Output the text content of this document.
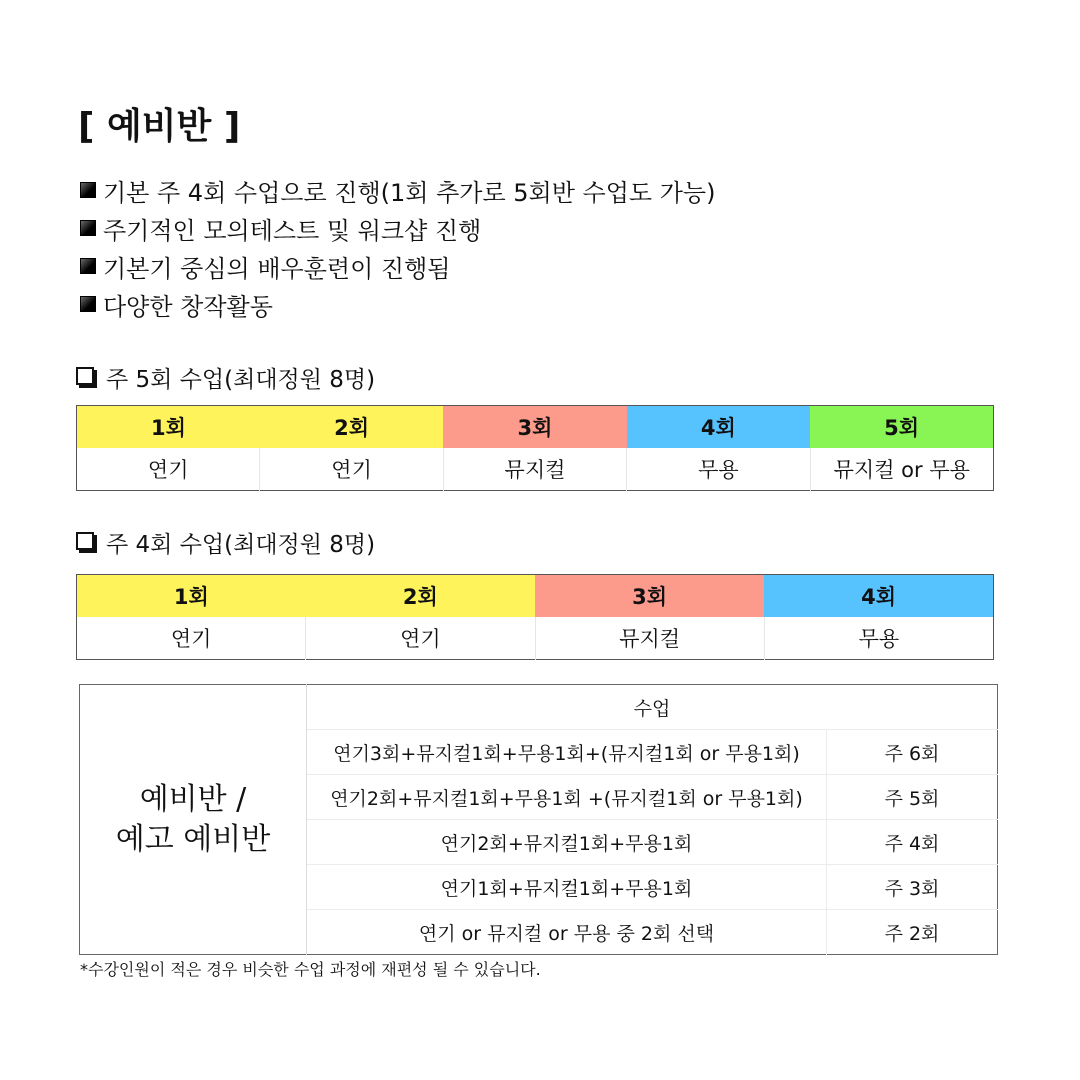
[ 예비반 ]
기본 주 4회 수업으로 진행(1회 추가로 5회반 수업도 가능)
주기적인 모의테스트 및 워크샵 진행
기본기 중심의 배우훈련이 진행됨
다양한 창작활동
주 5회 수업(최대정원 8명)
1회	2회	3회	4회	5회
연기	연기	뮤지컬	무용	뮤지컬 or 무용
주 4회 수업(최대정원 8명)
1회	2회	3회	4회
연기	연기	뮤지컬	무용
예비반 /
예고 예비반	수업	
	연기3회+뮤지컬1회+무용1회+(뮤지컬1회 or 무용1회)	주 6회
	연기2회+뮤지컬1회+무용1회 +(뮤지컬1회 or 무용1회)	주 5회
	연기2회+뮤지컬1회+무용1회	주 4회
	연기1회+뮤지컬1회+무용1회	주 3회
	연기 or 뮤지컬 or 무용 중 2회 선택	주 2회
*수강인원이 적은 경우 비슷한 수업 과정에 재편성 될 수 있습니다.
